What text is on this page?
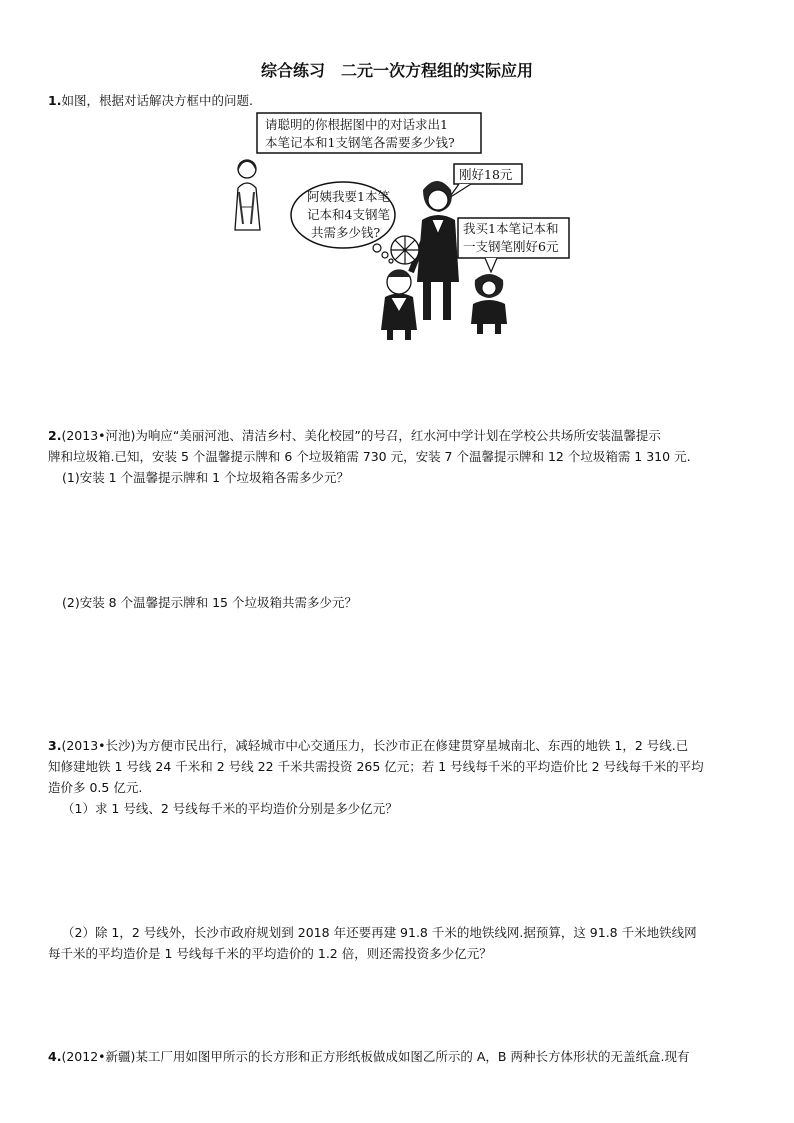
综合练习　二元一次方程组的实际应用
1.如图，根据对话解决方框中的问题.
请聪明的你根据图中的对话求出1
本笔记本和1支钢笔各需要多少钱?
阿姨我要1本笔
记本和4支钢笔
共需多少钱?
刚好18元
我买1本笔记本和
一支钢笔刚好6元
2.(2013•河池)为响应“美丽河池、清洁乡村、美化校园”的号召，红水河中学计划在学校公共场所安装温馨提示
牌和垃圾箱.已知，安装 5 个温馨提示牌和 6 个垃圾箱需 730 元，安装 7 个温馨提示牌和 12 个垃圾箱需 1 310 元.
(1)安装 1 个温馨提示牌和 1 个垃圾箱各需多少元？
(2)安装 8 个温馨提示牌和 15 个垃圾箱共需多少元？
3.(2013•长沙)为方便市民出行，减轻城市中心交通压力，长沙市正在修建贯穿星城南北、东西的地铁 1，2 号线.已
知修建地铁 1 号线 24 千米和 2 号线 22 千米共需投资 265 亿元；若 1 号线每千米的平均造价比 2 号线每千米的平均
造价多 0.5 亿元.
（1）求 1 号线、2 号线每千米的平均造价分别是多少亿元？
（2）除 1，2 号线外，长沙市政府规划到 2018 年还要再建 91.8 千米的地铁线网.据预算，这 91.8 千米地铁线网
每千米的平均造价是 1 号线每千米的平均造价的 1.2 倍，则还需投资多少亿元？
4.(2012•新疆)某工厂用如图甲所示的长方形和正方形纸板做成如图乙所示的 A，B 两种长方体形状的无盖纸盒.现有
